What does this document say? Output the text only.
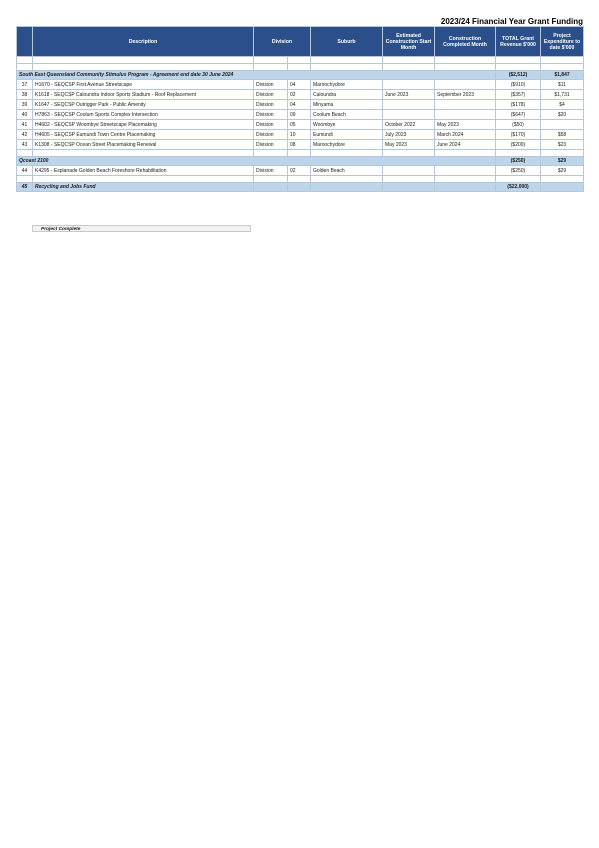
2023/24 Financial Year Grant Funding
	Description	Division		Suburb	Estimated Construction Start Month	Construction Completed Month	TOTAL Grant Revenue $'000	Project Expenditure to date $'000

South East Queensland Community Stimulus Program - Agreement end date 30 June 2024							($2,512)	$1,847
37	H1670 - SEQCSP First Avenue Streetscape	Division	04	Maroochydore			($910)	$11
38	K1618 - SEQCSP Caloundra Indoor Sports Stadium - Roof Replacement	Division	02	Caloundra	June 2023	September 2023	($357)	$1,731
39	K1647 - SEQCSP Outrigger Park - Public Amenity	Division	04	Minyama			($178)	$4
40	H7863 - SEQCSP Coolum Sports Complex Intersection	Division	09	Coolum Beach			($647)	$20
41	H4602 - SEQCSP Woombye Streetscape Placemaking	Division	05	Woombye	October 2022	May 2023	($50)	
42	H4605 - SEQCSP Eumundi Town Centre Placemaking	Division	10	Eumundi	July 2023	March 2024	($170)	$58
43	K1308 - SEQCSP Ocean Street Placemaking Renewal	Division	08	Maroochydore	May 2023	June 2024	($200)	$23

Qcoast 2100							($250)	$29
44	K4295 - Esplanade Golden Beach Foreshore Rehabilitation	Division	02	Golden Beach			($250)	$29

45	Recycling and Jobs Fund						($22,000)	
Project Complete
